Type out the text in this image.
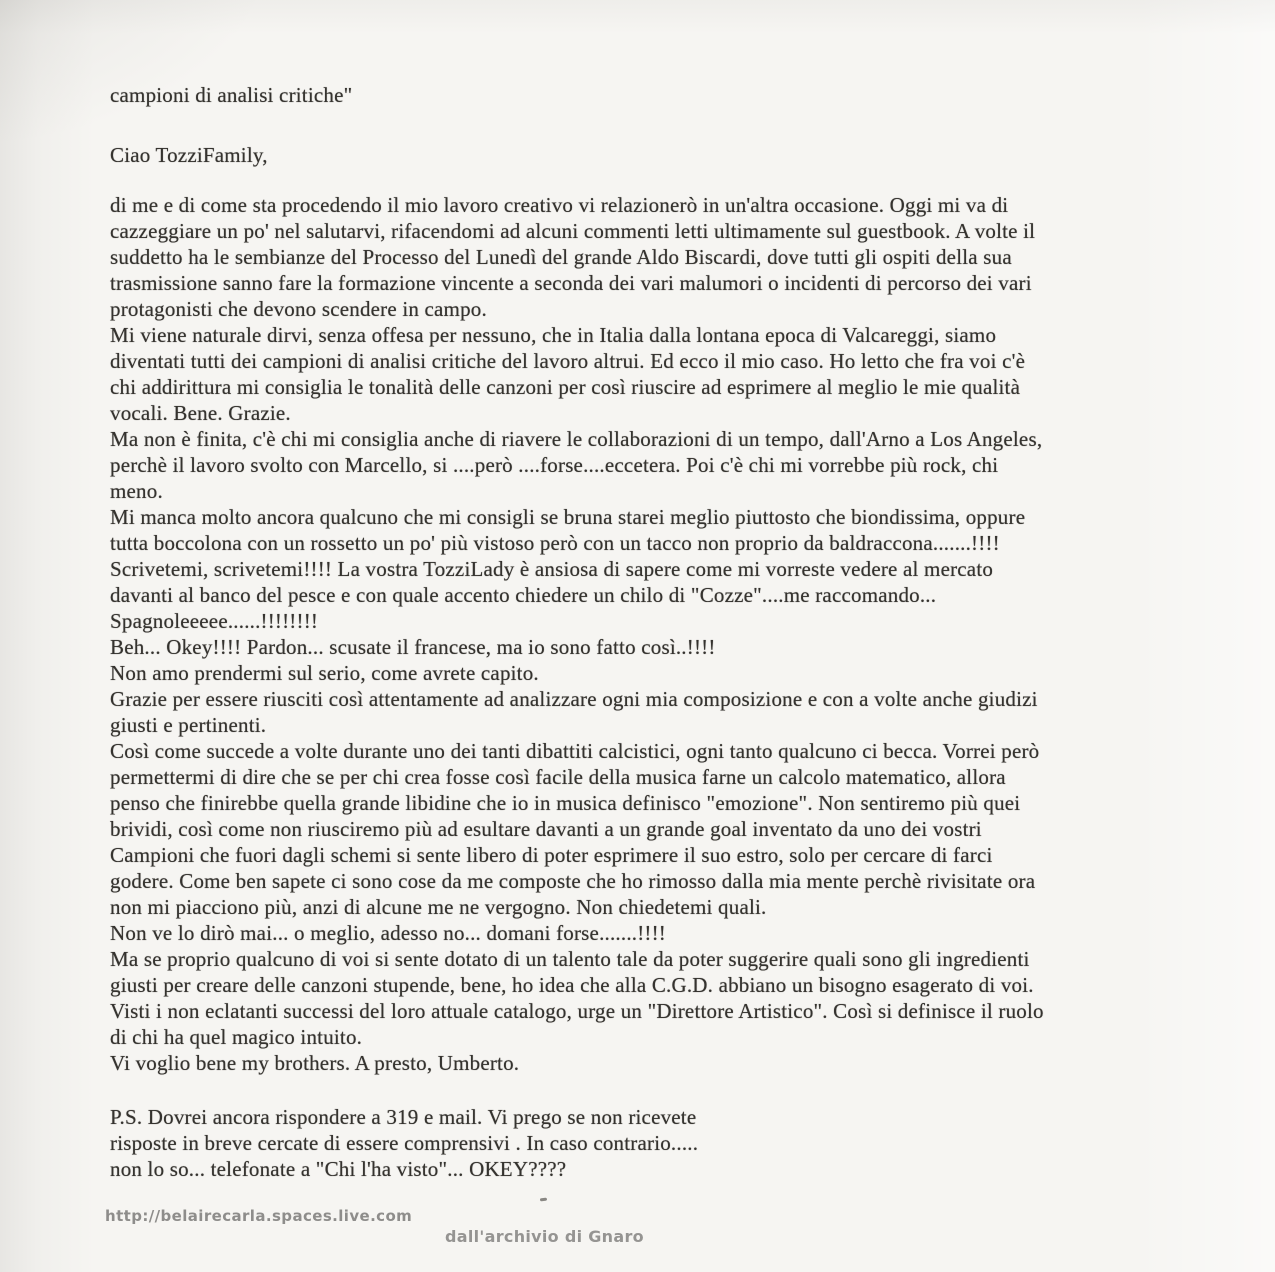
campioni di analisi critiche"
Ciao TozziFamily,
di me e di come sta procedendo il mio lavoro creativo vi relazionerò in un'altra occasione. Oggi mi va di
cazzeggiare un po' nel salutarvi, rifacendomi ad alcuni commenti letti ultimamente sul guestbook. A volte il
suddetto ha le sembianze del Processo del Lunedì del grande Aldo Biscardi, dove tutti gli ospiti della sua
trasmissione sanno fare la formazione vincente a seconda dei vari malumori o incidenti di percorso dei vari
protagonisti che devono scendere in campo.
Mi viene naturale dirvi, senza offesa per nessuno, che in Italia dalla lontana epoca di Valcareggi, siamo
diventati tutti dei campioni di analisi critiche del lavoro altrui. Ed ecco il mio caso. Ho letto che fra voi c'è
chi addirittura mi consiglia le tonalità delle canzoni per così riuscire ad esprimere al meglio le mie qualità
vocali. Bene. Grazie.
Ma non è finita, c'è chi mi consiglia anche di riavere le collaborazioni di un tempo, dall'Arno a Los Angeles,
perchè il lavoro svolto con Marcello, si ....però ....forse....eccetera. Poi c'è chi mi vorrebbe più rock, chi
meno.
Mi manca molto ancora qualcuno che mi consigli se bruna starei meglio piuttosto che biondissima, oppure
tutta boccolona con un rossetto un po' più vistoso però con un tacco non proprio da baldraccona.......!!!!
Scrivetemi, scrivetemi!!!! La vostra TozziLady è ansiosa di sapere come mi vorreste vedere al mercato
davanti al banco del pesce e con quale accento chiedere un chilo di "Cozze"....me raccomando...
Spagnoleeeee......!!!!!!!!
Beh... Okey!!!! Pardon... scusate il francese, ma io sono fatto così..!!!!
Non amo prendermi sul serio, come avrete capito.
Grazie per essere riusciti così attentamente ad analizzare ogni mia composizione e con a volte anche giudizi
giusti e pertinenti.
Così come succede a volte durante uno dei tanti dibattiti calcistici, ogni tanto qualcuno ci becca. Vorrei però
permettermi di dire che se per chi crea fosse così facile della musica farne un calcolo matematico, allora
penso che finirebbe quella grande libidine che io in musica definisco "emozione". Non sentiremo più quei
brividi, così come non riusciremo più ad esultare davanti a un grande goal inventato da uno dei vostri
Campioni che fuori dagli schemi si sente libero di poter esprimere il suo estro, solo per cercare di farci
godere. Come ben sapete ci sono cose da me composte che ho rimosso dalla mia mente perchè rivisitate ora
non mi piacciono più, anzi di alcune me ne vergogno. Non chiedetemi quali.
Non ve lo dirò mai... o meglio, adesso no... domani forse.......!!!!
Ma se proprio qualcuno di voi si sente dotato di un talento tale da poter suggerire quali sono gli ingredienti
giusti per creare delle canzoni stupende, bene, ho idea che alla C.G.D. abbiano un bisogno esagerato di voi.
Visti i non eclatanti successi del loro attuale catalogo, urge un "Direttore Artistico". Così si definisce il ruolo
di chi ha quel magico intuito.
Vi voglio bene my brothers. A presto, Umberto.
P.S. Dovrei ancora rispondere a 319 e mail. Vi prego se non ricevete
risposte in breve cercate di essere comprensivi . In caso contrario.....
non lo so... telefonate a "Chi l'ha visto"... OKEY????
http://belairecarla.spaces.live.com
dall'archivio di Gnaro
